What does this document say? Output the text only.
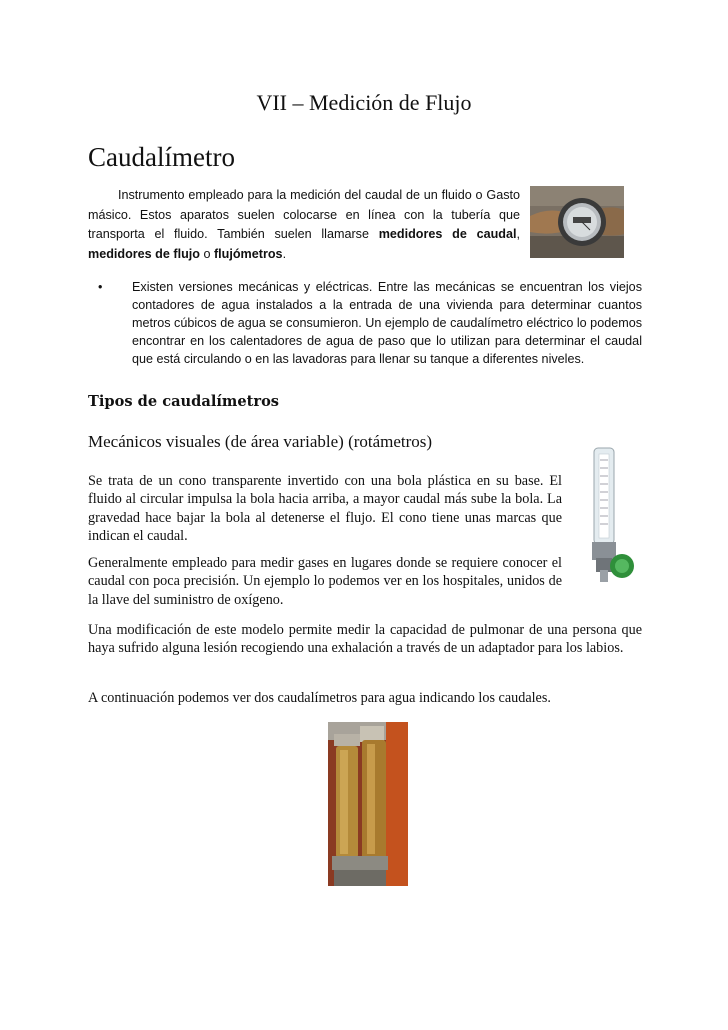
VII – Medición de Flujo
Caudalímetro
Instrumento empleado para la medición del caudal de un fluido o Gasto másico. Estos aparatos suelen colocarse en línea con la tubería que transporta el fluido. También suelen llamarse medidores de caudal, medidores de flujo o flujómetros.
•	Existen versiones mecánicas y eléctricas. Entre las mecánicas se encuentran los viejos contadores de agua instalados a la entrada de una vivienda para determinar cuantos metros cúbicos de agua se consumieron. Un ejemplo de caudalímetro eléctrico lo podemos encontrar en los calentadores de agua de paso que lo utilizan para determinar el caudal que está circulando o en las lavadoras para llenar su tanque a diferentes niveles.
Tipos de caudalímetros
Mecánicos visuales (de área variable) (rotámetros)
Se trata de un cono transparente invertido con una bola plástica en su base. El fluido al circular impulsa la bola hacia arriba, a mayor caudal más sube la bola. La gravedad hace bajar la bola al detenerse el flujo. El cono tiene unas marcas que indican el caudal.
Generalmente empleado para medir gases en lugares donde se requiere conocer el caudal con poca precisión. Un ejemplo lo podemos ver en los hospitales, unidos de la llave del suministro de oxígeno.
Una modificación de este modelo permite medir la capacidad de pulmonar de una persona que haya sufrido alguna lesión recogiendo una exhalación a través de un adaptador para los labios.
A continuación podemos ver dos caudalímetros para agua indicando los caudales.
